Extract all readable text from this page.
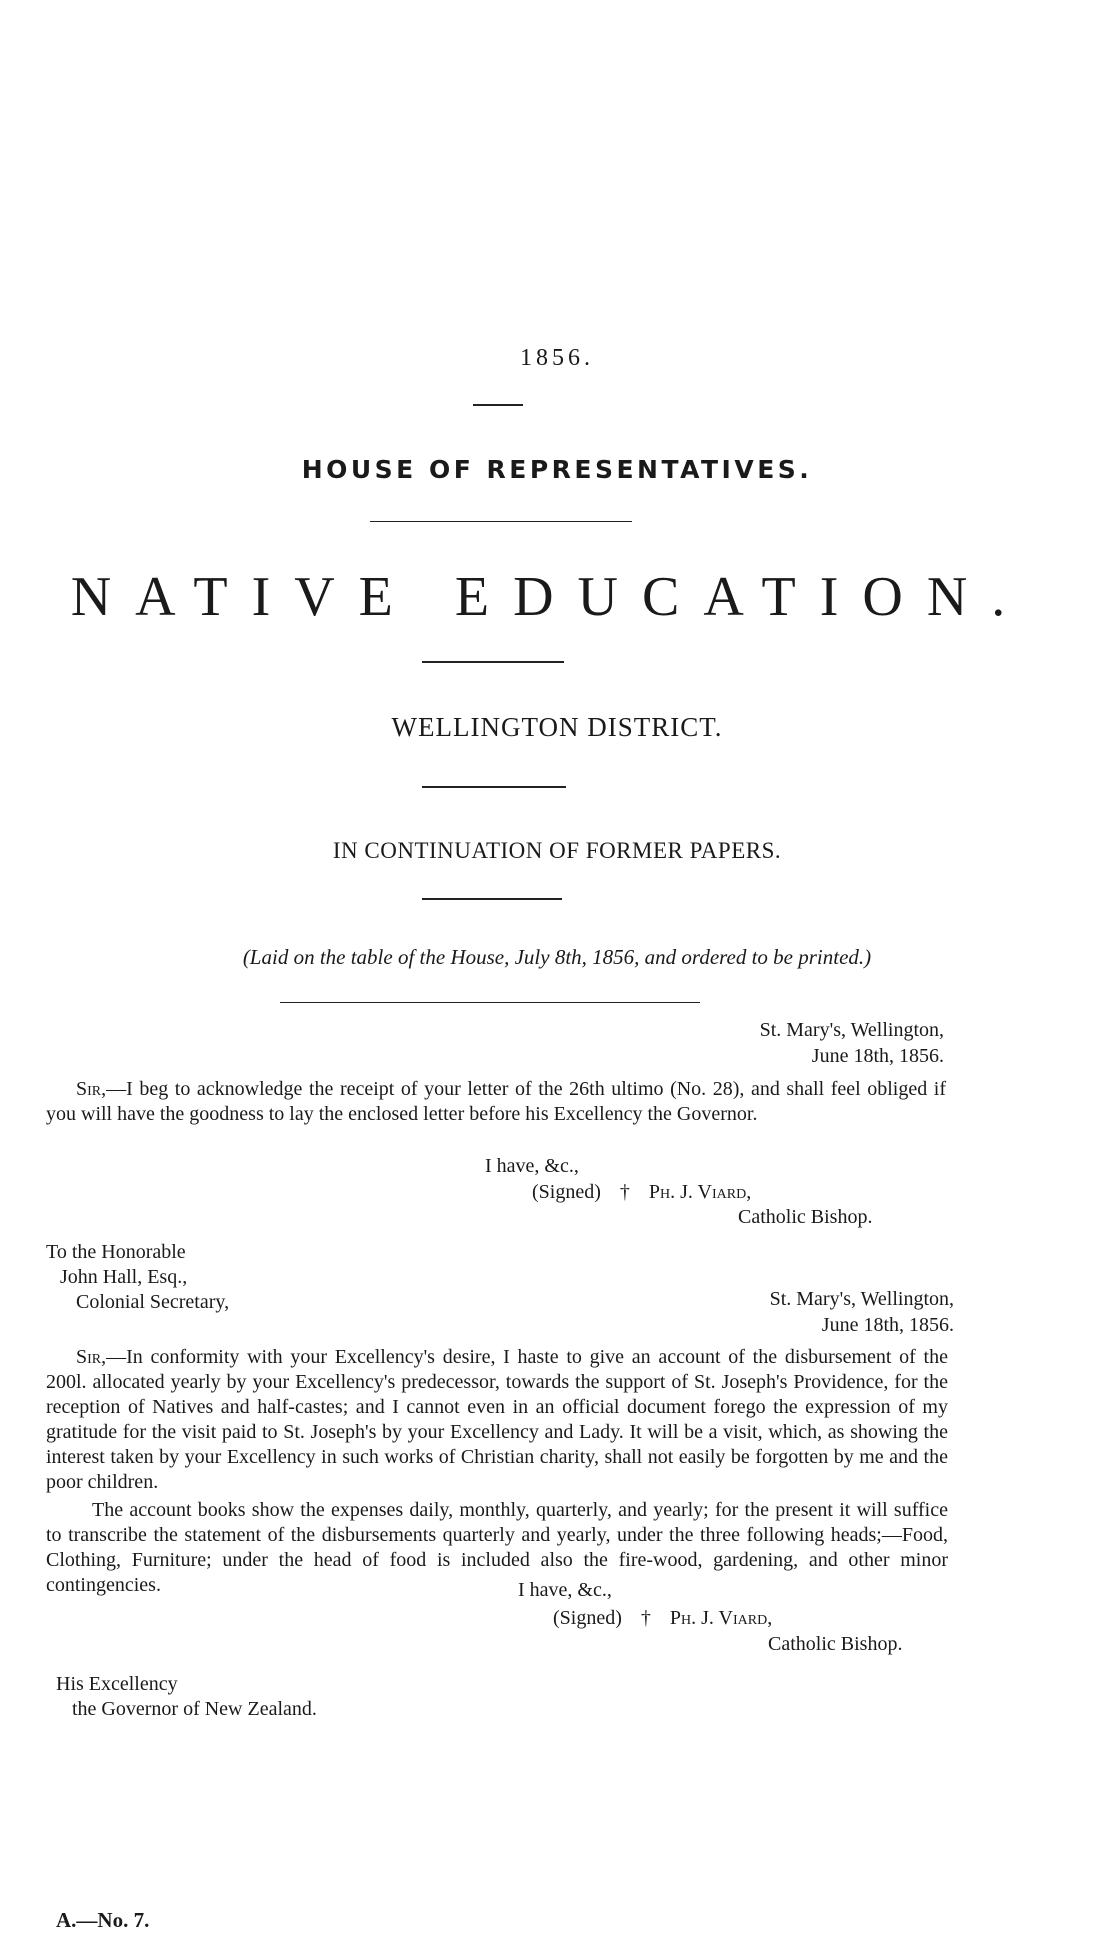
1856.
HOUSE OF REPRESENTATIVES.
NATIVE EDUCATION.
WELLINGTON DISTRICT.
IN CONTINUATION OF FORMER PAPERS.
(Laid on the table of the House, July 8th, 1856, and ordered to be printed.)
St. Mary's, Wellington,
June 18th, 1856.
Sir,—I beg to acknowledge the receipt of your letter of the 26th ultimo (No. 28), and shall feel obliged if you will have the goodness to lay the enclosed letter before his Excellency the Governor.
I have, &c.,
(Signed) † Ph. J. Viard,
Catholic Bishop.
To the Honorable
John Hall, Esq.,
Colonial Secretary,	St. Mary's, Wellington,
June 18th, 1856.
Sir,—In conformity with your Excellency's desire, I haste to give an account of the disbursement of the 200l. allocated yearly by your Excellency's predecessor, towards the support of St. Joseph's Providence, for the reception of Natives and half-castes; and I cannot even in an official document forego the expression of my gratitude for the visit paid to St. Joseph's by your Excellency and Lady. It will be a visit, which, as showing the interest taken by your Excellency in such works of Christian charity, shall not easily be forgotten by me and the poor children.
The account books show the expenses daily, monthly, quarterly, and yearly; for the present it will suffice to transcribe the statement of the disbursements quarterly and yearly, under the three following heads;—Food, Clothing, Furniture; under the head of food is included also the fire-wood, gardening, and other minor contingencies.	I have, &c.,
(Signed) † Ph. J. Viard,
Catholic Bishop.
His Excellency
the Governor of New Zealand.
A.—No. 7.
